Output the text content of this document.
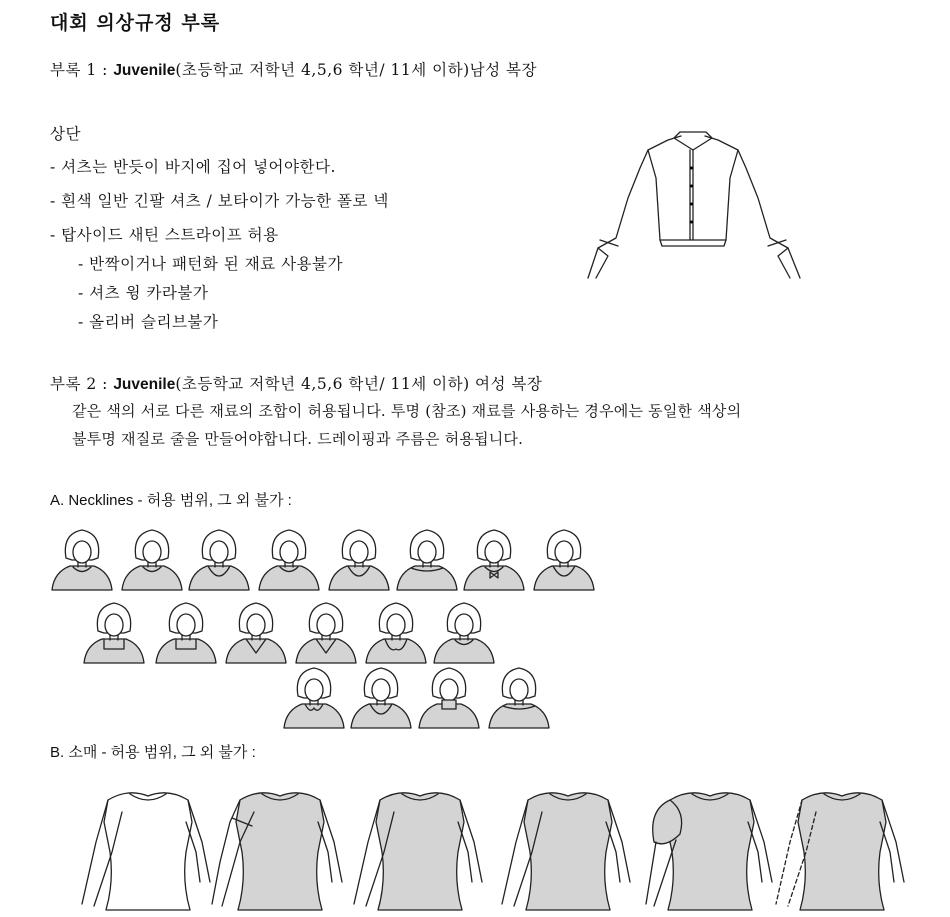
대회 의상규정 부록
부록 1 : Juvenile(초등학교 저학년 4,5,6 학년/ 11세 이하)남성 복장
상단
- 셔츠는 반듯이 바지에 집어 넣어야한다.
- 흰색 일반 긴팔 셔츠 / 보타이가 가능한 폴로 넥
- 탑사이드 새틴 스트라이프 허용
- 반짝이거나 패턴화 된 재료 사용불가
- 셔츠 윙 카라불가
- 올리버 슬리브불가
부록 2 : Juvenile(초등학교 저학년 4,5,6 학년/ 11세 이하) 여성 복장
같은 색의 서로 다른 재료의 조합이 허용됩니다. 투명 (참조) 재료를 사용하는 경우에는 동일한 색상의
불투명 재질로 줄을 만들어야합니다. 드레이핑과 주름은 허용됩니다.
A. Necklines - 허용 범위, 그 외 불가 :
B. 소매 - 허용 범위, 그 외 불가 :
